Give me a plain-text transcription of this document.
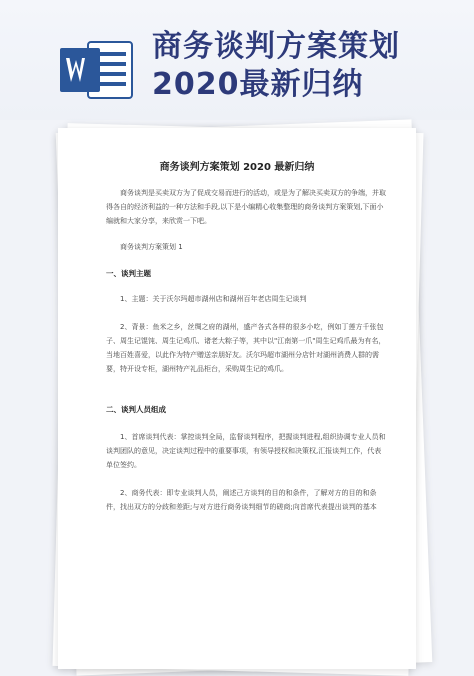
商务谈判方案策划
2020最新归纳
商务谈判方案策划 2020 最新归纳

商务谈判是买卖双方为了促成交易而进行的活动，或是为了解决买卖双方的争端，并取得各自的经济利益的一种方法和手段,以下是小编精心收集整理的商务谈判方案策划,下面小编就和大家分享，来欣赏一下吧。

商务谈判方案策划 1

一、谈判主题

1、主题：关于沃尔玛超市湖州店和湖州百年老店周生记谈判

2、背景：鱼米之乡，丝绸之府的湖州，盛产各式各样的很多小吃，例如丁莲方千张包子、周生记馄饨、周生记鸡爪、诸老大粽子等，其中以"江南第一爪"周生记鸡爪最为有名，当地百姓喜爱，以此作为特产赠送亲朋好友。沃尔玛超市湖州分店针对湖州消费人群的需要，特开设专柜，湖州特产礼品柜台，采购周生记的鸡爪。

二、谈判人员组成

1、首席谈判代表：掌控谈判全局，监督谈判程序，把握谈判进程,组织协调专业人员和谈判团队的意见，决定谈判过程中的重要事项，有领导授权和决策权,汇报谈判工作，代表单位签约。

2、商务代表：即专业谈判人员，阐述己方谈判的目的和条件，了解对方的目的和条件，找出双方的分歧和差距;与对方进行商务谈判细节的磋商;向首席代表提出谈判的基本
